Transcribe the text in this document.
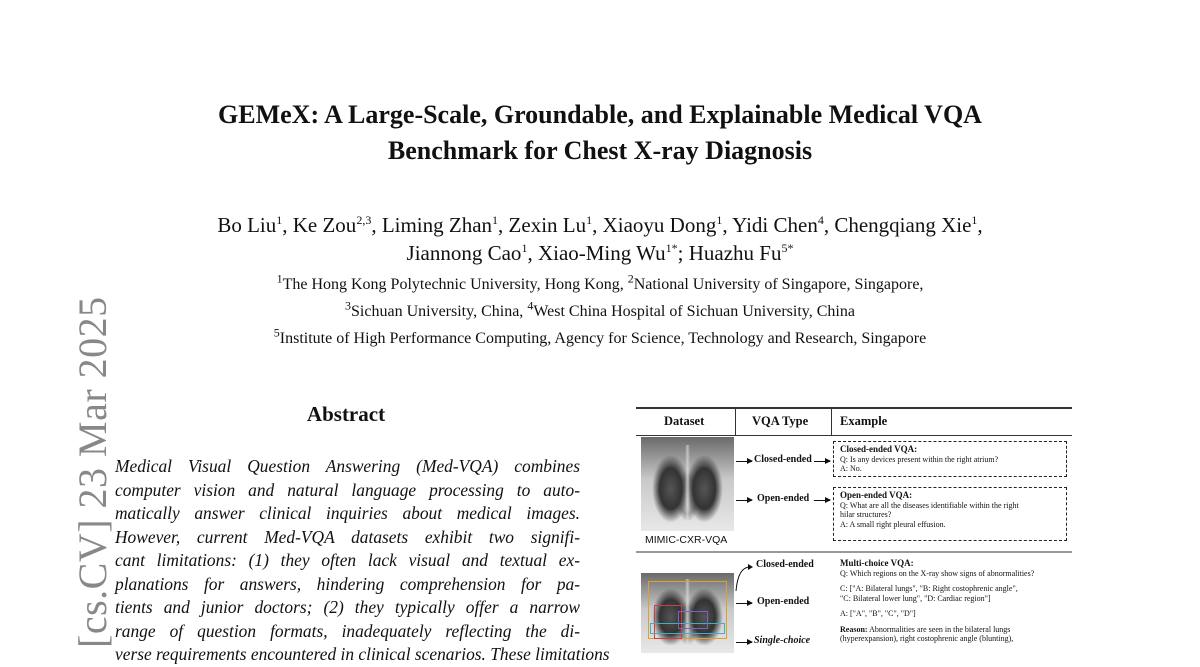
[cs.CV] 23 Mar 2025
GEMeX: A Large-Scale, Groundable, and Explainable Medical VQA
Benchmark for Chest X-ray Diagnosis
Bo Liu$^1$, Ke Zou$^{2,3}$, Liming Zhan$^1$, Zexin Lu$^1$, Xiaoyu Dong$^1$, Yidi Chen$^4$, Chengqiang Xie$^1$,
Jiannong Cao$^1$, Xiao-Ming $Wu^{1*}$; Huazhu $Fu^{5*}$
$^1$The Hong Kong Polytechnic University, Hong Kong, $^2$National University of Singapore, Singapore,
$^3$Sichuan University, China, $^4$West China Hospital of Sichuan University, China
$^5$Institute of High Performance Computing, Agency for Science, Technology and Research, Singapore
Abstract
Medical Visual Question Answering (Med-VQA) combines
computer vision and natural language processing to auto-
matically answer clinical inquiries about medical images.
However, current Med-VQA datasets exhibit two signifi-
cant limitations: (1) they often lack visual and textual ex-
planations for answers, hindering comprehension for pa-
tients and junior doctors; (2) they typically offer a narrow
range of question formats, inadequately reflecting the di-
verse requirements encountered in clinical scenarios. These limitations
Dataset	VQA Type	Example
MIMIC-CXR-VQA
Closed-ended
Open-ended
Closed-ended VQA:
Q: Is any devices present within the right atrium?
A: No.
Open-ended VQA:
Q: What are all the diseases identifiable within the right
hilar structures?
A: A small right pleural effusion.
Closed-ended
Open-ended
Single-choice
Multi-choice VQA:
Q: Which regions on the X-ray show signs of abnormalities?
C: ["A: Bilateral lungs", "B: Right costophrenic angle",
"C: Bilateral lower lung", "D: Cardiac region"]
A: ["A", "B", "C", "D"]
Reason: Abnormalities are seen in the bilateral lungs
(hyperexpansion), right costophrenic angle (blunting),
